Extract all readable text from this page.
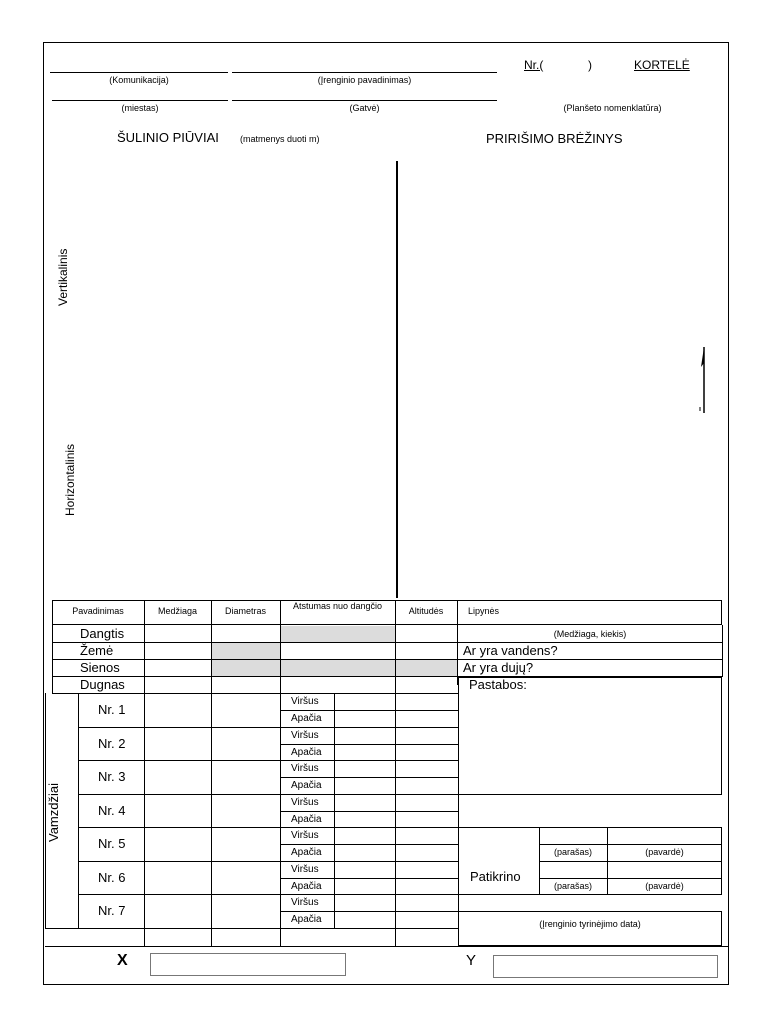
(Komunikacija)	(Įrenginio pavadinimas)
Nr.(	)	KORTELĖ
(miestas)	(Gatvė)	(Planšeto nomenklatūra)
ŠULINIO PIŪVIAI (matmenys duoti m)	PRIRIŠIMO BRĖŽINYS
Vertikalinis
Horizontalinis
Pavadinimas	Medžiaga	Diametras	Atstumas nuo dangčio	Altitudės	Lipynės
Dangtis
Žemė
Sienos
Dugnas
(Medžiaga, kiekis)
Ar yra vandens?
Ar yra dujų?
Pastabos:
Vamzdžiai
Nr. 1
Viršus
Apačia
Nr. 2
Viršus
Apačia
Nr. 3
Viršus
Apačia
Nr. 4
Viršus
Apačia
Nr. 5
Viršus
Apačia
Nr. 6
Viršus
Apačia
Nr. 7
Viršus
Apačia
Patikrino
(parašas)	(pavardė)
(parašas)	(pavardė)
(Įrenginio tyrinėjimo data)
X	Y
